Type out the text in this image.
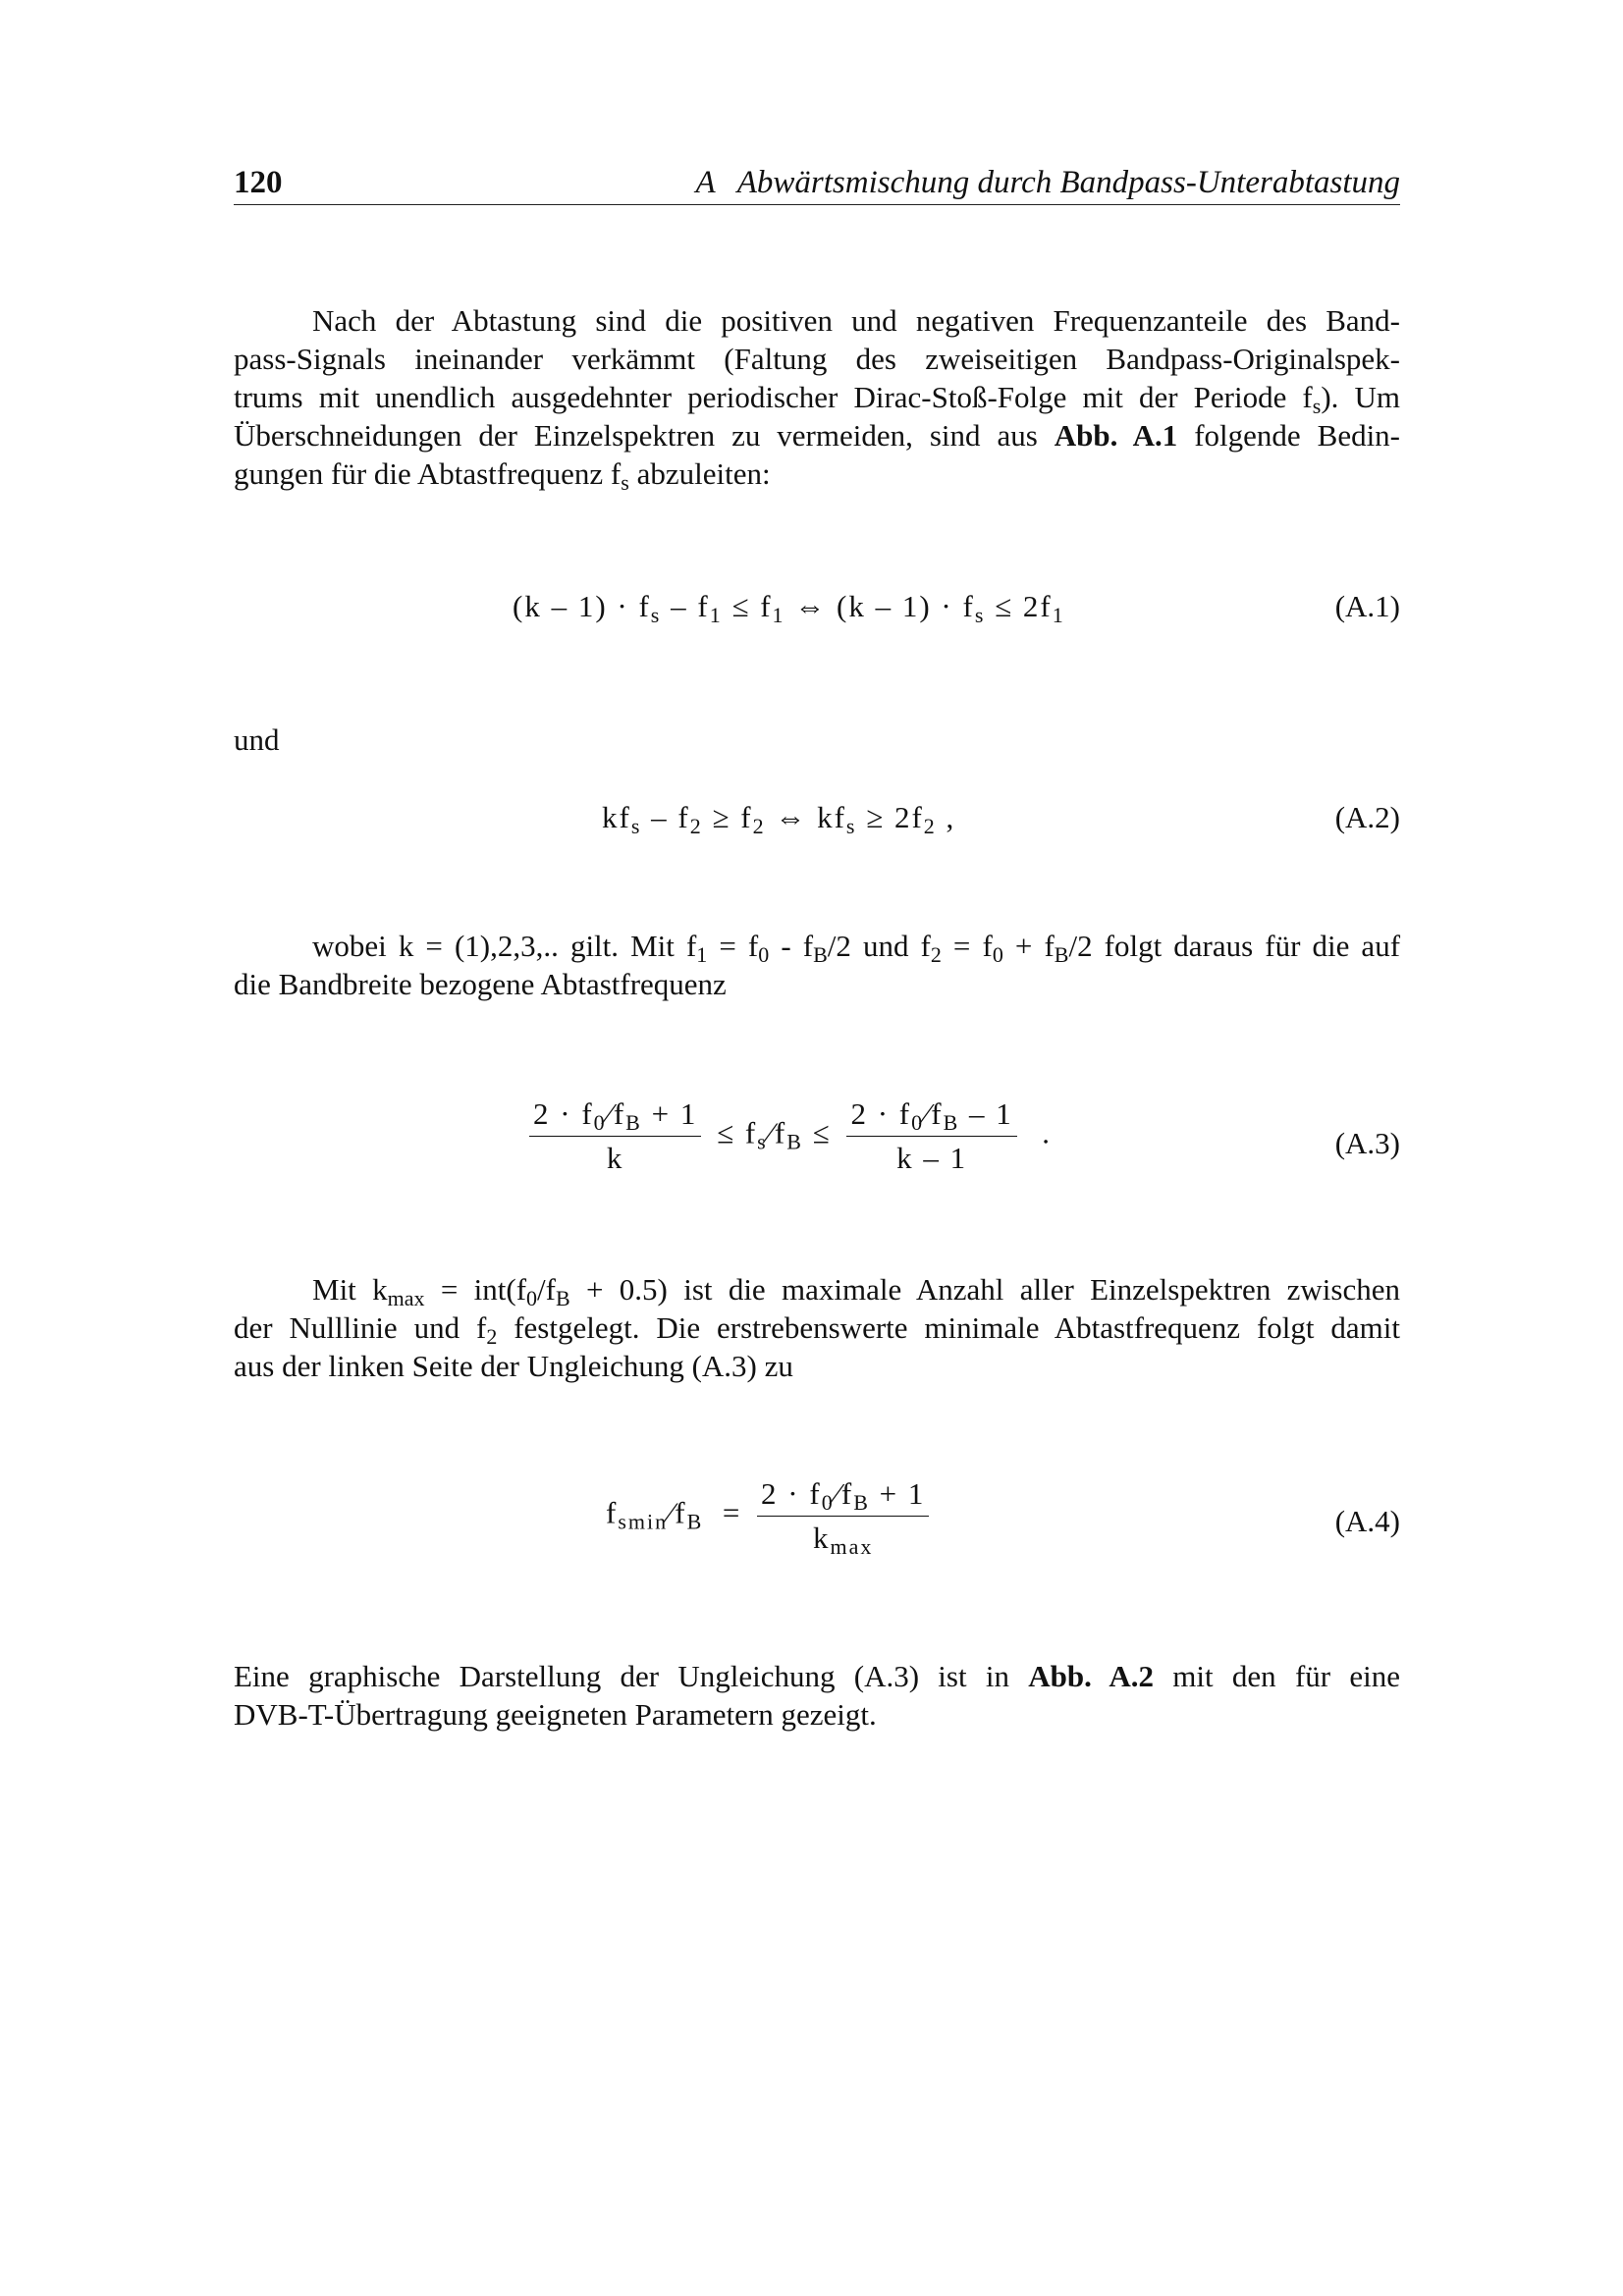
120	A Abwärtsmischung durch Bandpass-Unterabtastung
Nach der Abtastung sind die positiven und negativen Frequenzanteile des Band-
pass-Signals ineinander verkämmt (Faltung des zweiseitigen Bandpass-Originalspek-
trums mit unendlich ausgedehnter periodischer Dirac-Stoß-Folge mit der Periode $f_s$). Um
Überschneidungen der Einzelspektren zu vermeiden, sind aus Abb. A.1 folgende Bedin-
gungen für die Abtastfrequenz $f_s$ abzuleiten:
$(k - 1) \cdot f_s - f_1 \le f_1$ ⇔ $(k - 1) \cdot f_s \le 2f_1$	(A.1)
und
$kf_s - f_2 \ge f_2$ ⇔ $kf_s \ge 2f_2$ ,	(A.2)
wobei k = (1),2,3,.. gilt. Mit $f_1 = f_0 - f_B/2$ und $f_2 = f_0 + f_B/2$ folgt daraus für die auf
die Bandbreite bezogene Abtastfrequenz
$\frac{2 \cdot f_0⁄f_B + 1}{k}$ ≤ $f_s⁄f_B \le \frac{2 \cdot f_0⁄f_B - 1}{k - 1}$ .	(A.3)
Mit $k_{max} = int(f_0/f_B + 0.5)$ ist die maximale Anzahl aller Einzelspektren zwischen
der Nulllinie und $f_2$ festgelegt. Die erstrebenswerte minimale Abtastfrequenz folgt damit
aus der linken Seite der Ungleichung (A.3) zu
$f_{smin}⁄f_B = \frac{2 \cdot f_0⁄f_B + 1}{k_{max}}$	(A.4)
Eine graphische Darstellung der Ungleichung (A.3) ist in Abb. A.2 mit den für eine
DVB-T-Übertragung geeigneten Parametern gezeigt.
